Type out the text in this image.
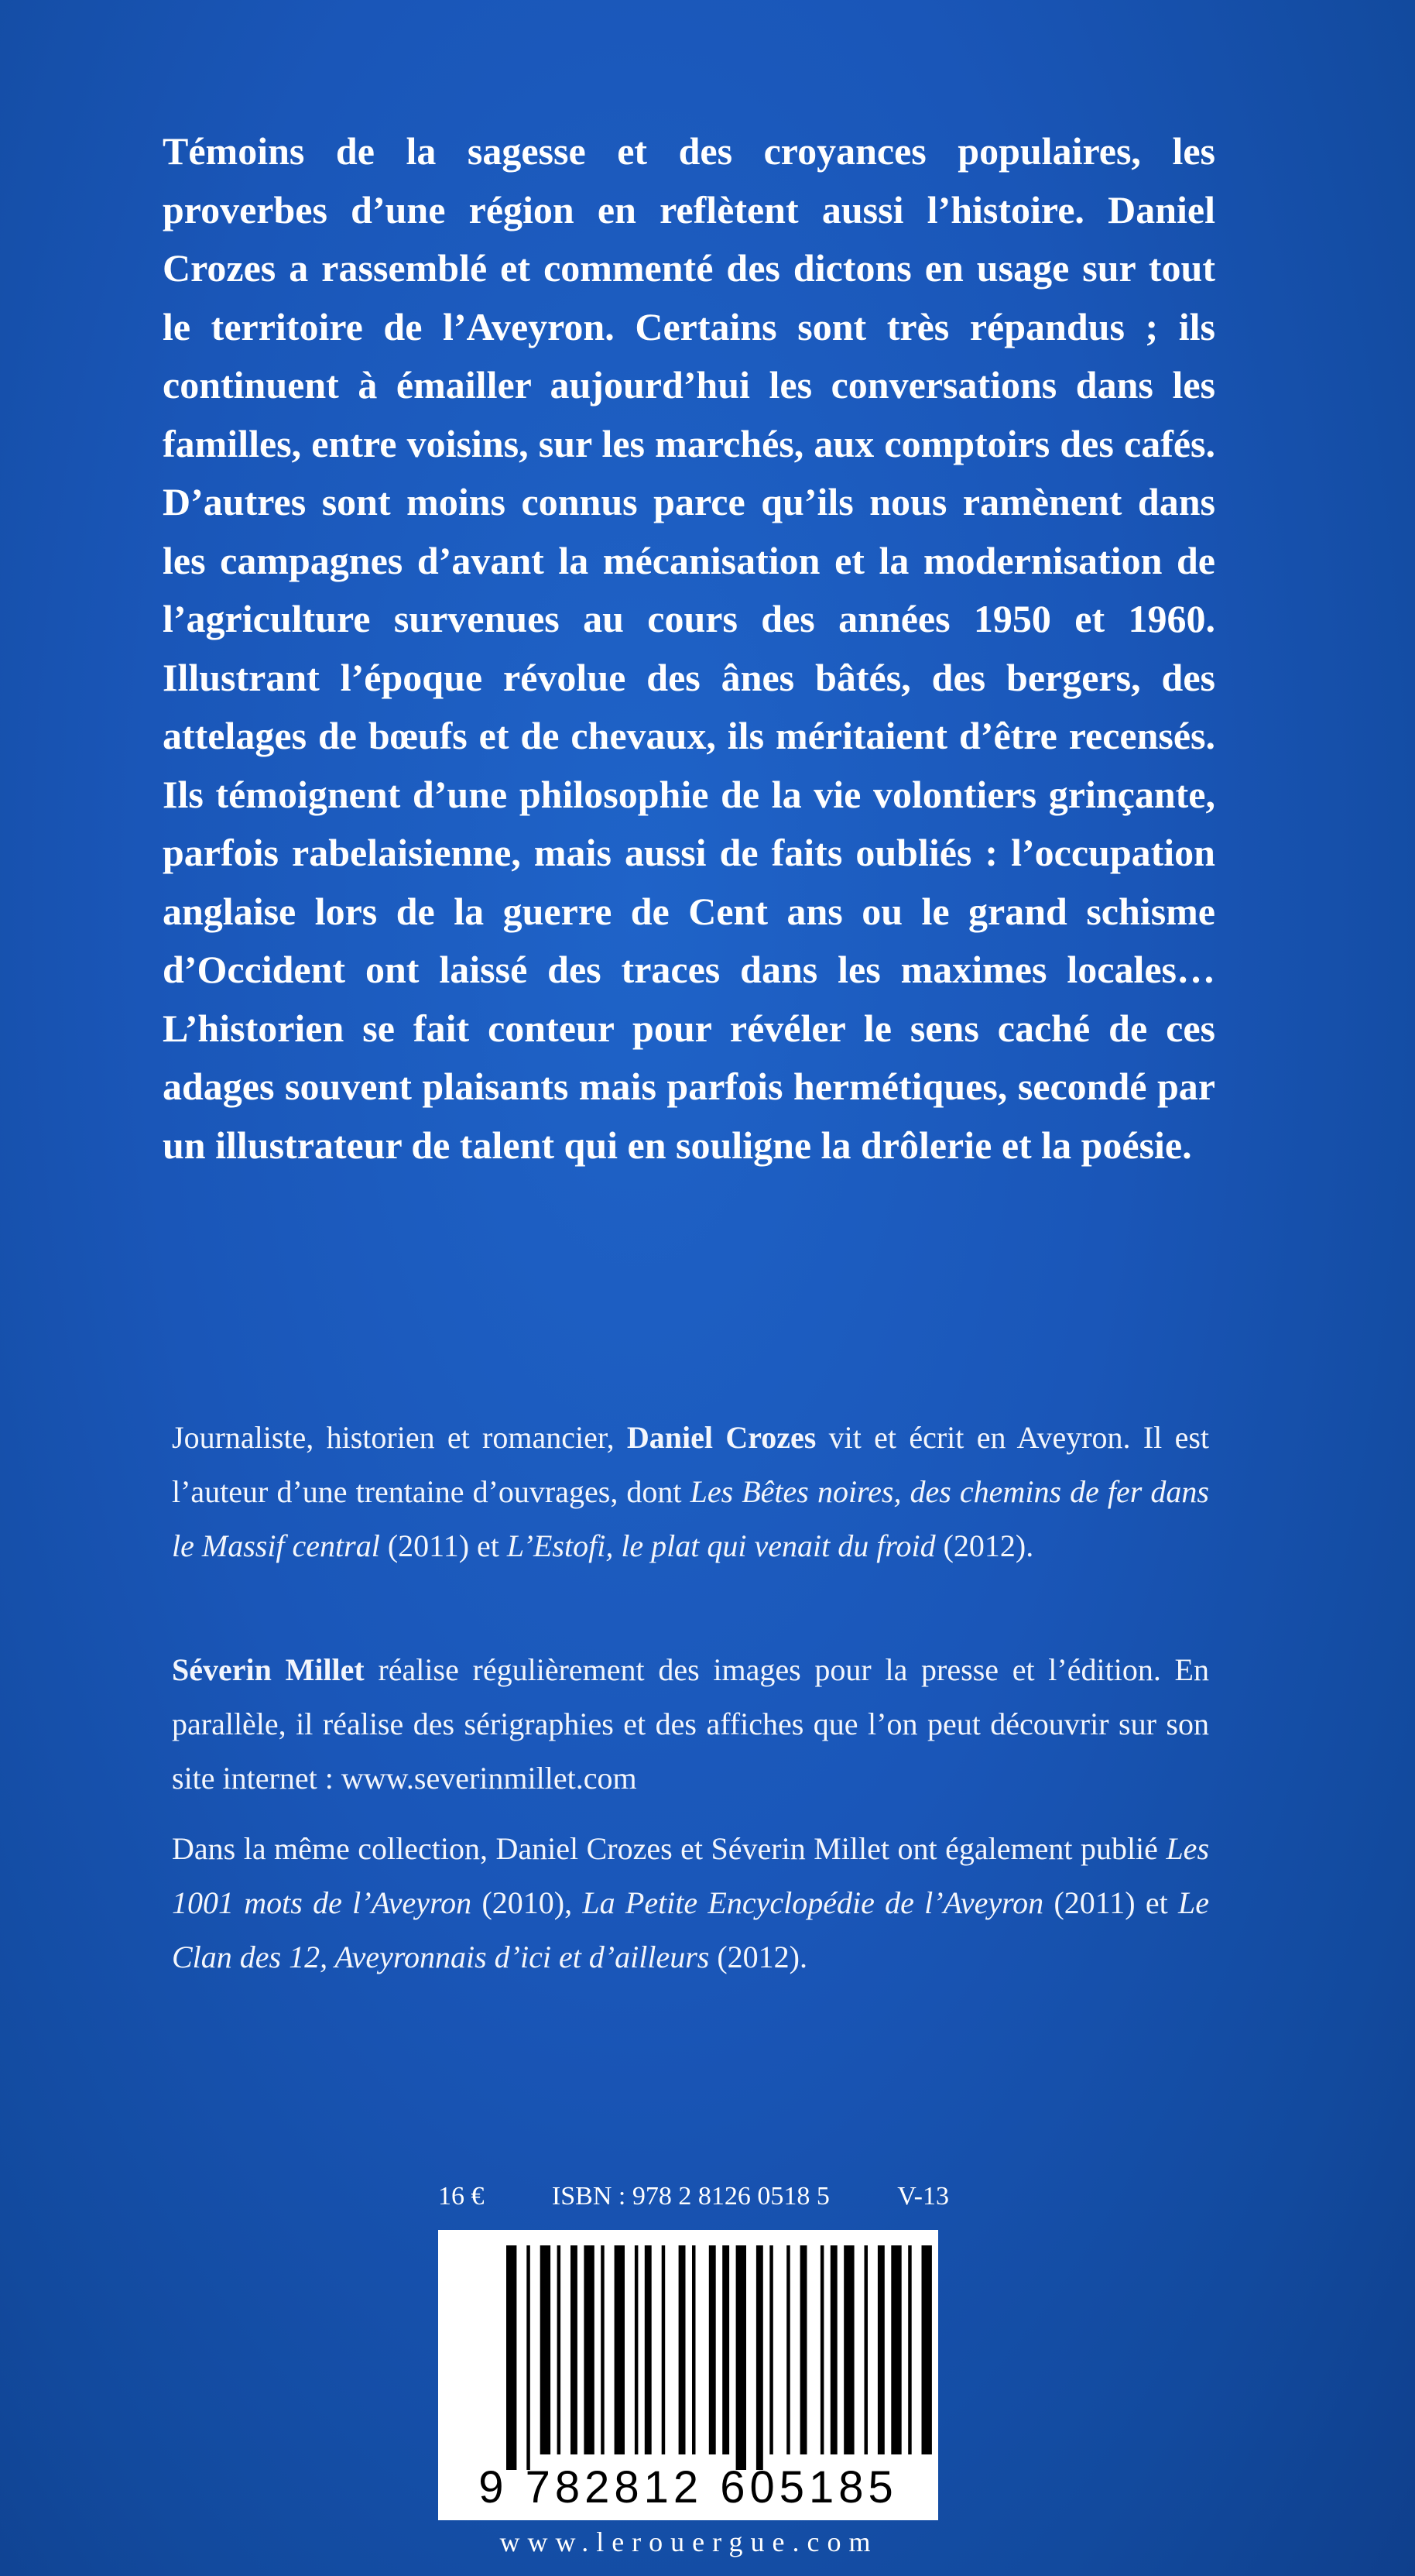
Témoins de la sagesse et des croyances populaires, les proverbes d’une région en reflètent aussi l’histoire. Daniel Crozes a rassemblé et commenté des dictons en usage sur tout le territoire de l’Aveyron. Certains sont très répandus ; ils continuent à émailler aujourd’hui les conversations dans les familles, entre voisins, sur les marchés, aux comptoirs des cafés. D’autres sont moins connus parce qu’ils nous ramènent dans les campagnes d’avant la mécanisation et la modernisation de l’agriculture survenues au cours des années 1950 et 1960. Illustrant l’époque révolue des ânes bâtés, des bergers, des attelages de bœufs et de chevaux, ils méritaient d’être recensés. Ils témoignent d’une philosophie de la vie volontiers grinçante, parfois rabelaisienne, mais aussi de faits oubliés : l’occupation anglaise lors de la guerre de Cent ans ou le grand schisme d’Occident ont laissé des traces dans les maximes locales… L’historien se fait conteur pour révéler le sens caché de ces adages souvent plaisants mais parfois hermétiques, secondé par un illustrateur de talent qui en souligne la drôlerie et la poésie.

Journaliste, historien et romancier, Daniel Crozes vit et écrit en Aveyron. Il est l’auteur d’une trentaine d’ouvrages, dont Les Bêtes noires, des chemins de fer dans le Massif central (2011) et L’Estofi, le plat qui venait du froid (2012).

Séverin Millet réalise régulièrement des images pour la presse et l’édition. En parallèle, il réalise des sérigraphies et des affiches que l’on peut découvrir sur son site internet : www.severinmillet.com

Dans la même collection, Daniel Crozes et Séverin Millet ont également publié Les 1001 mots de l’Aveyron (2010), La Petite Encyclopédie de l’Aveyron (2011) et Le Clan des 12, Aveyronnais d’ici et d’ailleurs (2012).

16 €	ISBN : 978 2 8126 0518 5	V-13
9 782812 605185
www.lerouergue.com
